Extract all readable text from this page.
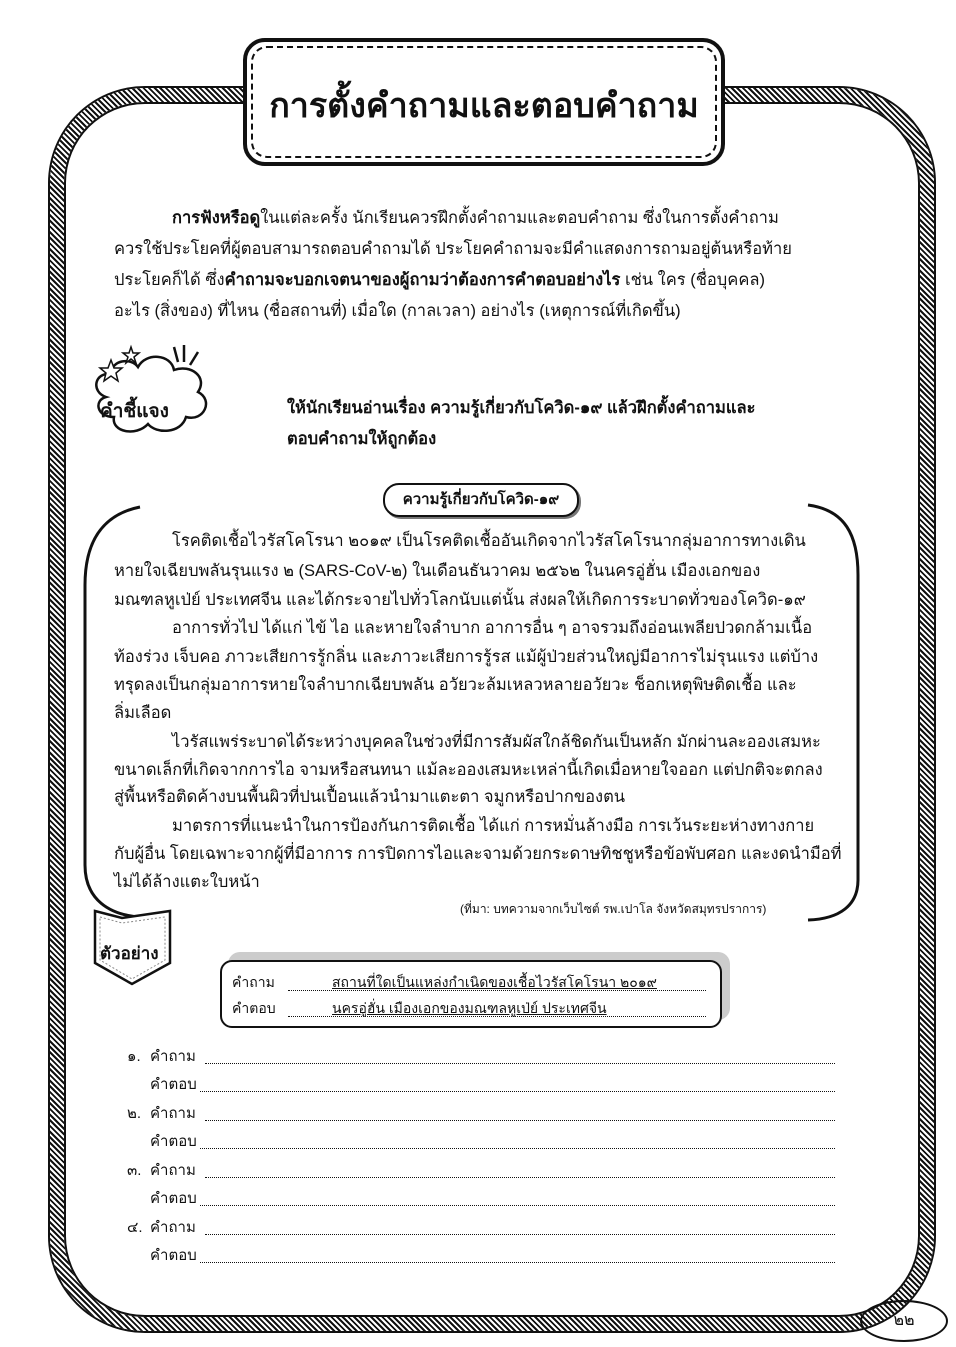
การตั้งคำถามและตอบคำถาม
การฟังหรือดูในแต่ละครั้ง นักเรียนควรฝึกตั้งคำถามและตอบคำถาม ซึ่งในการตั้งคำถาม
ควรใช้ประโยคที่ผู้ตอบสามารถตอบคำถามได้ ประโยคคำถามจะมีคำแสดงการถามอยู่ต้นหรือท้าย
ประโยคก็ได้ ซึ่งคำถามจะบอกเจตนาของผู้ถามว่าต้องการคำตอบอย่างไร เช่น ใคร (ชื่อบุคคล)
อะไร (สิ่งของ) ที่ไหน (ชื่อสถานที่) เมื่อใด (กาลเวลา) อย่างไร (เหตุการณ์ที่เกิดขึ้น)
คำชี้แจง	ให้นักเรียนอ่านเรื่อง ความรู้เกี่ยวกับโควิด-๑๙ แล้วฝึกตั้งคำถามและ
ตอบคำถามให้ถูกต้อง
ความรู้เกี่ยวกับโควิด-๑๙
โรคติดเชื้อไวรัสโคโรนา ๒๐๑๙ เป็นโรคติดเชื้ออันเกิดจากไวรัสโคโรนากลุ่มอาการทางเดิน
หายใจเฉียบพลันรุนแรง ๒ (SARS-CoV-๒) ในเดือนธันวาคม ๒๕๖๒ ในนครอู่ฮั่น เมืองเอกของ
มณฑลหูเป่ย์ ประเทศจีน และได้กระจายไปทั่วโลกนับแต่นั้น ส่งผลให้เกิดการระบาดทั่วของโควิด-๑๙
อาการทั่วไป ได้แก่ ไข้ ไอ และหายใจลำบาก อาการอื่น ๆ อาจรวมถึงอ่อนเพลียปวดกล้ามเนื้อ
ท้องร่วง เจ็บคอ ภาวะเสียการรู้กลิ่น และภาวะเสียการรู้รส แม้ผู้ป่วยส่วนใหญ่มีอาการไม่รุนแรง แต่บ้าง
ทรุดลงเป็นกลุ่มอาการหายใจลำบากเฉียบพลัน อวัยวะล้มเหลวหลายอวัยวะ ช็อกเหตุพิษติดเชื้อ และ
ลิ่มเลือด
ไวรัสแพร่ระบาดได้ระหว่างบุคคลในช่วงที่มีการสัมผัสใกล้ชิดกันเป็นหลัก มักผ่านละอองเสมหะ
ขนาดเล็กที่เกิดจากการไอ จามหรือสนทนา แม้ละอองเสมหะเหล่านี้เกิดเมื่อหายใจออก แต่ปกติจะตกลง
สู่พื้นหรือติดค้างบนพื้นผิวที่ปนเปื้อนแล้วนำมาแตะตา จมูกหรือปากของตน
มาตรการที่แนะนำในการป้องกันการติดเชื้อ ได้แก่ การหมั่นล้างมือ การเว้นระยะห่างทางกาย
กับผู้อื่น โดยเฉพาะจากผู้ที่มีอาการ การปิดการไอและจามด้วยกระดาษทิชชูหรือข้อพับศอก และงดนำมือที่
ไม่ได้ล้างแตะใบหน้า
(ที่มา: บทความจากเว็บไซต์ รพ.เปาโล จังหวัดสมุทรปราการ)
ตัวอย่าง
คำถาม	สถานที่ใดเป็นแหล่งกำเนิดของเชื้อไวรัสโคโรนา ๒๐๑๙
คำตอบ	นครอู่ฮั่น เมืองเอกของมณฑลหูเป่ย์ ประเทศจีน
๑. คำถาม
คำตอบ
๒. คำถาม
คำตอบ
๓. คำถาม
คำตอบ
๔. คำถาม
คำตอบ
๒๒
